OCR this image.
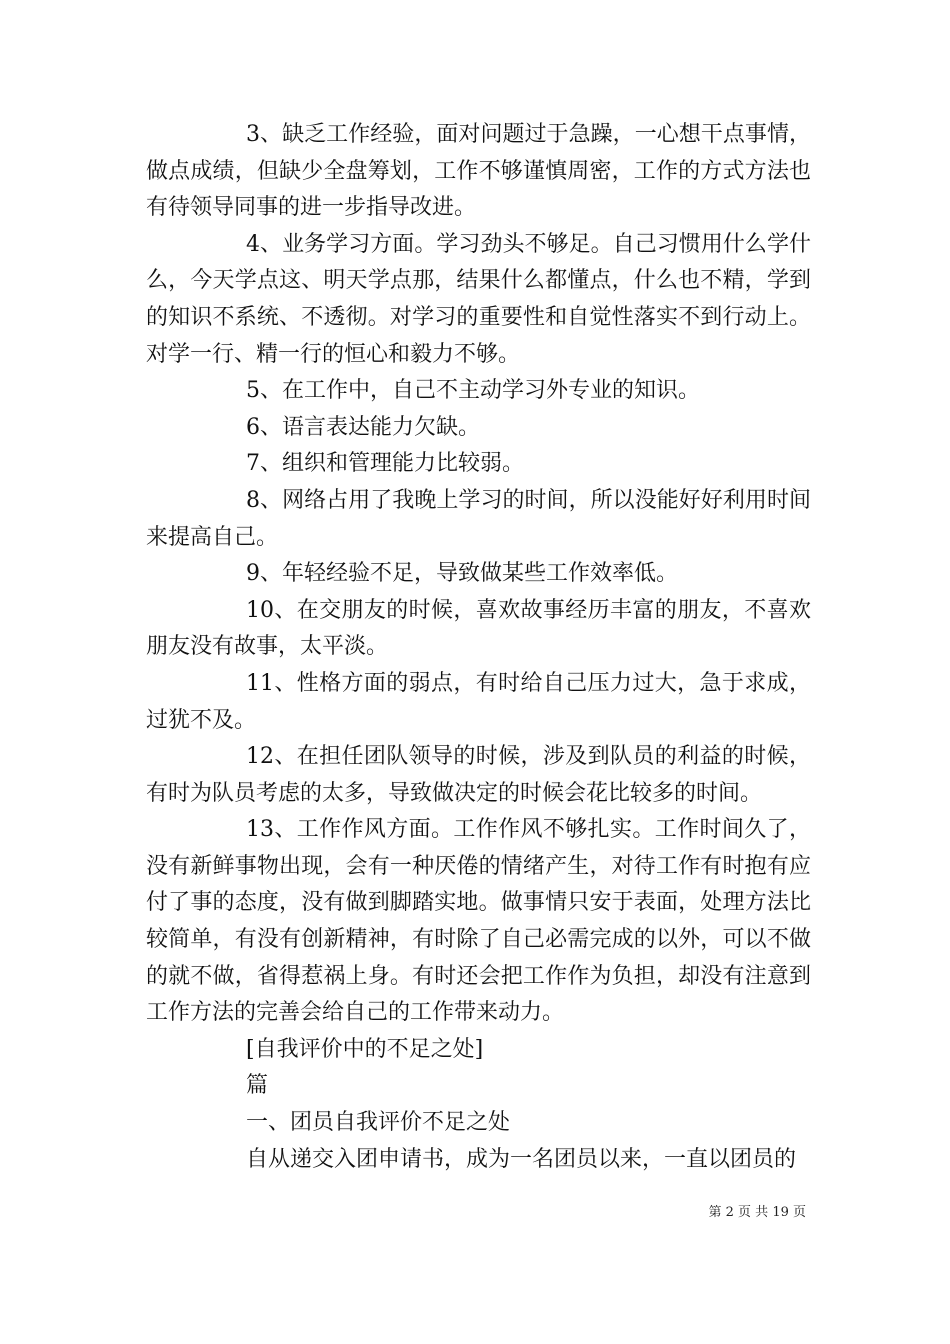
3、缺乏工作经验，面对问题过于急躁，一心想干点事情，做点成绩，但缺少全盘筹划，工作不够谨慎周密，工作的方式方法也有待领导同事的进一步指导改进。

4、业务学习方面。学习劲头不够足。自己习惯用什么学什么，今天学点这、明天学点那，结果什么都懂点，什么也不精，学到的知识不系统、不透彻。对学习的重要性和自觉性落实不到行动上。对学一行、精一行的恒心和毅力不够。

5、在工作中，自己不主动学习外专业的知识。

6、语言表达能力欠缺。

7、组织和管理能力比较弱。

8、网络占用了我晚上学习的时间，所以没能好好利用时间来提高自己。

9、年轻经验不足，导致做某些工作效率低。

10、在交朋友的时候，喜欢故事经历丰富的朋友，不喜欢朋友没有故事，太平淡。

11、性格方面的弱点，有时给自己压力过大，急于求成，过犹不及。

12、在担任团队领导的时候，涉及到队员的利益的时候，有时为队员考虑的太多，导致做决定的时候会花比较多的时间。

13、工作作风方面。工作作风不够扎实。工作时间久了，没有新鲜事物出现，会有一种厌倦的情绪产生，对待工作有时抱有应付了事的态度，没有做到脚踏实地。做事情只安于表面，处理方法比较简单，有没有创新精神，有时除了自己必需完成的以外，可以不做的就不做，省得惹祸上身。有时还会把工作作为负担，却没有注意到工作方法的完善会给自己的工作带来动力。

[自我评价中的不足之处]

篇

一、团员自我评价不足之处

自从递交入团申请书，成为一名团员以来，一直以团员的

第 2 页 共 19 页
